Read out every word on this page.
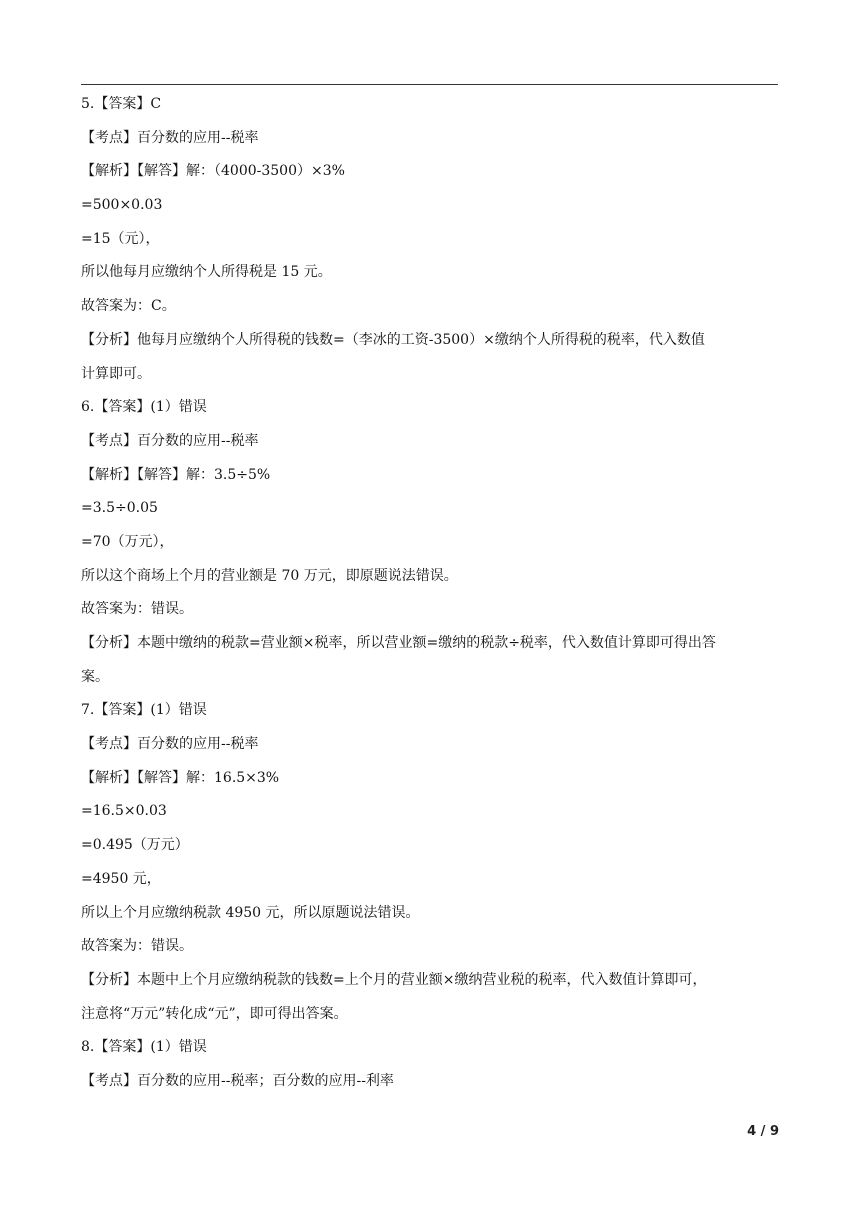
5.【答案】C
【考点】百分数的应用--税率
【解析】【解答】解：（4000-3500）×3%
=500×0.03
=15（元），
所以他每月应缴纳个人所得税是 15 元。
故答案为：C。
【分析】他每月应缴纳个人所得税的钱数=（李冰的工资-3500）×缴纳个人所得税的税率，代入数值
计算即可。
6.【答案】(1）错误
【考点】百分数的应用--税率
【解析】【解答】解：3.5÷5%
=3.5÷0.05
=70（万元），
所以这个商场上个月的营业额是 70 万元，即原题说法错误。
故答案为：错误。
【分析】本题中缴纳的税款=营业额×税率，所以营业额=缴纳的税款÷税率，代入数值计算即可得出答
案。
7.【答案】(1）错误
【考点】百分数的应用--税率
【解析】【解答】解：16.5×3%
=16.5×0.03
=0.495（万元）
=4950 元，
所以上个月应缴纳税款 4950 元，所以原题说法错误。
故答案为：错误。
【分析】本题中上个月应缴纳税款的钱数=上个月的营业额×缴纳营业税的税率，代入数值计算即可，
注意将“万元”转化成“元”，即可得出答案。
8.【答案】(1）错误
【考点】百分数的应用--税率；百分数的应用--利率
4 / 9
